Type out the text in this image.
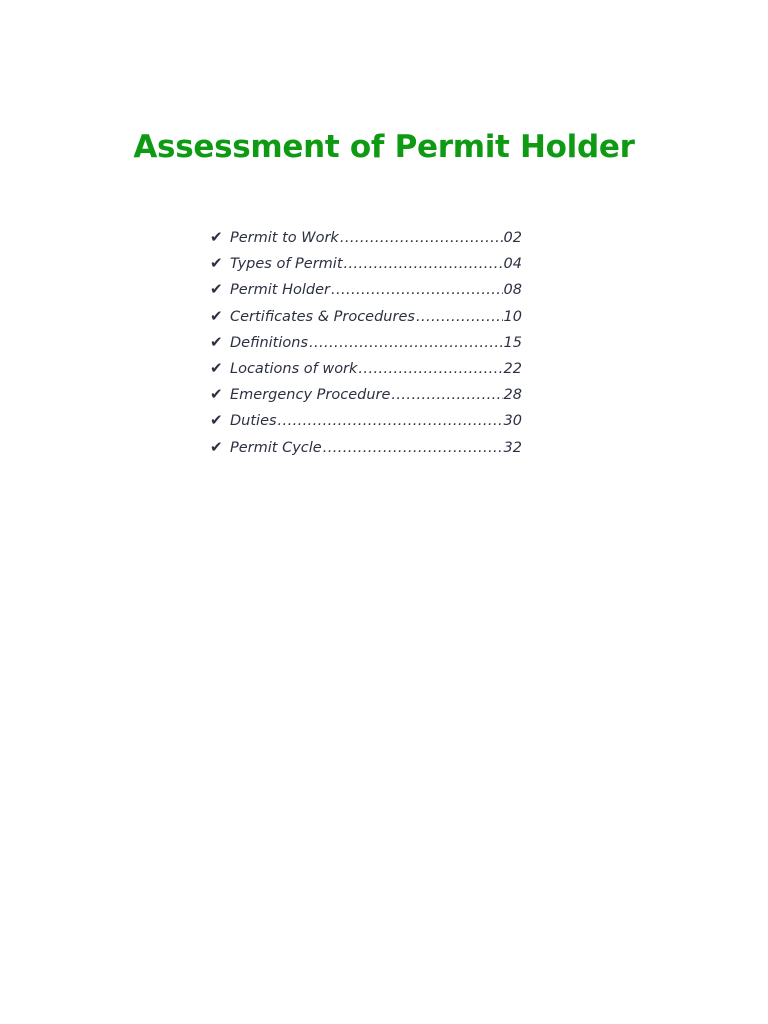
Assessment of Permit Holder
✔ Permit to Work .....	02
✔ Types of Permit .....	04
✔ Permit Holder .....	08
✔ Certificates & Procedures .....	10
✔ Definitions .....	15
✔ Locations of work .....	22
✔ Emergency Procedure .....	28
✔ Duties .....	30
✔ Permit Cycle .....	32
